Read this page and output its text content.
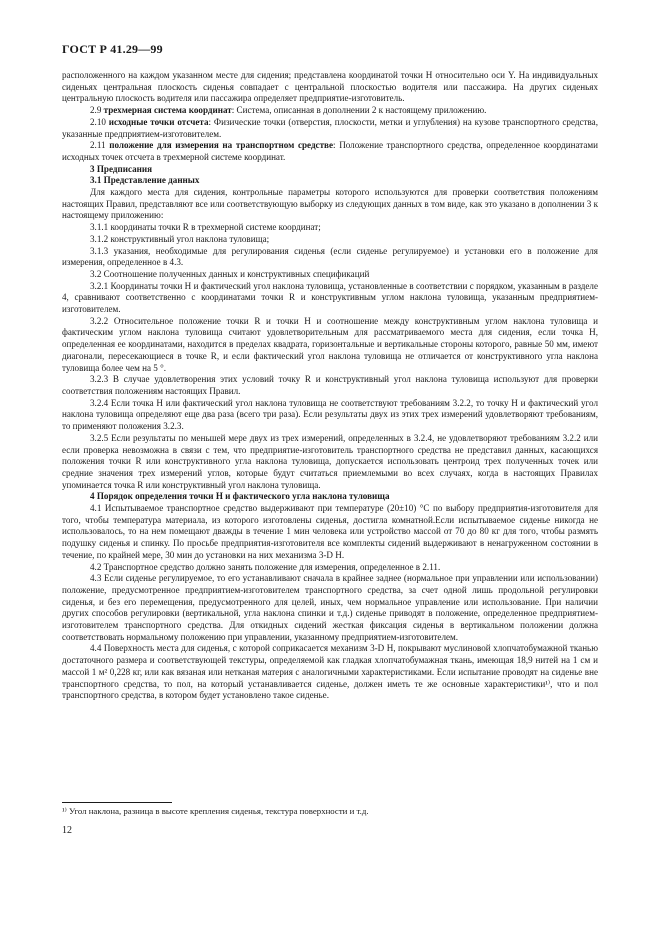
ГОСТ Р 41.29—99

расположенного на каждом указанном месте для сидения; представлена координатой точки H относительно оси Y. На индивидуальных сиденьях центральная плоскость сиденья совпадает с центральной плоскостью водителя или пассажира. На других сиденьях центральную плоскость водителя или пассажира определяет предприятие-изготовитель.

2.9 трехмерная система координат: Система, описанная в дополнении 2 к настоящему приложению.

2.10 исходные точки отсчета: Физические точки (отверстия, плоскости, метки и углубления) на кузове транспортного средства, указанные предприятием-изготовителем.

2.11 положение для измерения на транспортном средстве: Положение транспортного средства, определенное координатами исходных точек отсчета в трехмерной системе координат.

3 Предписания

3.1 Представление данных

Для каждого места для сидения, контрольные параметры которого используются для проверки соответствия положениям настоящих Правил, представляют все или соответствующую выборку из следующих данных в том виде, как это указано в дополнении 3 к настоящему приложению:

3.1.1 координаты точки R в трехмерной системе координат;

3.1.2 конструктивный угол наклона туловища;

3.1.3 указания, необходимые для регулирования сиденья (если сиденье регулируемое) и установки его в положение для измерения, определенное в 4.3.

3.2 Соотношение полученных данных и конструктивных спецификаций

3.2.1 Координаты точки H и фактический угол наклона туловища, установленные в соответствии с порядком, указанным в разделе 4, сравнивают соответственно с координатами точки R и конструктивным углом наклона туловища, указанным предприятием-изготовителем.

3.2.2 Относительное положение точки R и точки H и соотношение между конструктивным углом наклона туловища и фактическим углом наклона туловища считают удовлетворительным для рассматриваемого места для сидения, если точка H, определенная ее координатами, находится в пределах квадрата, горизонтальные и вертикальные стороны которого, равные 50 мм, имеют диагонали, пересекающиеся в точке R, и если фактический угол наклона туловища не отличается от конструктивного угла наклона туловища более чем на 5 °.

3.2.3 В случае удовлетворения этих условий точку R и конструктивный угол наклона туловища используют для проверки соответствия положениям настоящих Правил.

3.2.4 Если точка H или фактический угол наклона туловища не соответствуют требованиям 3.2.2, то точку H и фактический угол наклона туловища определяют еще два раза (всего три раза). Если результаты двух из этих трех измерений удовлетворяют требованиям, то применяют положения 3.2.3.

3.2.5 Если результаты по меньшей мере двух из трех измерений, определенных в 3.2.4, не удовлетворяют требованиям 3.2.2 или если проверка невозможна в связи с тем, что предприятие-изготовитель транспортного средства не представил данных, касающихся положения точки R или конструктивного угла наклона туловища, допускается использовать центроид трех полученных точек или средние значения трех измерений углов, которые будут считаться приемлемыми во всех случаях, когда в настоящих Правилах упоминается точка R или конструктивный угол наклона туловища.

4 Порядок определения точки H и фактического угла наклона туловища

4.1 Испытываемое транспортное средство выдерживают при температуре (20±10) °С по выбору предприятия-изготовителя для того, чтобы температура материала, из которого изготовлены сиденья, достигла комнатной.Если испытываемое сиденье никогда не использовалось, то на нем помещают дважды в течение 1 мин человека или устройство массой от 70 до 80 кг для того, чтобы размять подушку сиденья и спинку. По просьбе предприятия-изготовителя все комплекты сидений выдерживают в ненагруженном состоянии в течение, по крайней мере, 30 мин до установки на них механизма 3-D H.

4.2 Транспортное средство должно занять положение для измерения, определенное в 2.11.

4.3 Если сиденье регулируемое, то его устанавливают сначала в крайнее заднее (нормальное при управлении или использовании) положение, предусмотренное предприятием-изготовителем транспортного средства, за счет одной лишь продольной регулировки сиденья, и без его перемещения, предусмотренного для целей, иных, чем нормальное управление или использование. При наличии других способов регулировки (вертикальной, угла наклона спинки и т.д.) сиденье приводят в положение, определенное предприятием-изготовителем транспортного средства. Для откидных сидений жесткая фиксация сиденья в вертикальном положении должна соответствовать нормальному положению при управлении, указанному предприятием-изготовителем.

4.4 Поверхность места для сиденья, с которой соприкасается механизм 3-D H, покрывают муслиновой хлопчатобумажной тканью достаточного размера и соответствующей текстуры, определяемой как гладкая хлопчатобумажная ткань, имеющая 18,9 нитей на 1 см и массой 1 м² 0,228 кг, или как вязаная или нетканая материя с аналогичными характеристиками. Если испытание проводят на сиденье вне транспортного средства, то пол, на который устанавливается сиденье, должен иметь те же основные характеристики¹⁾, что и пол транспортного средства, в котором будет установлено такое сиденье.

¹⁾ Угол наклона, разница в высоте крепления сиденья, текстура поверхности и т.д.
12
